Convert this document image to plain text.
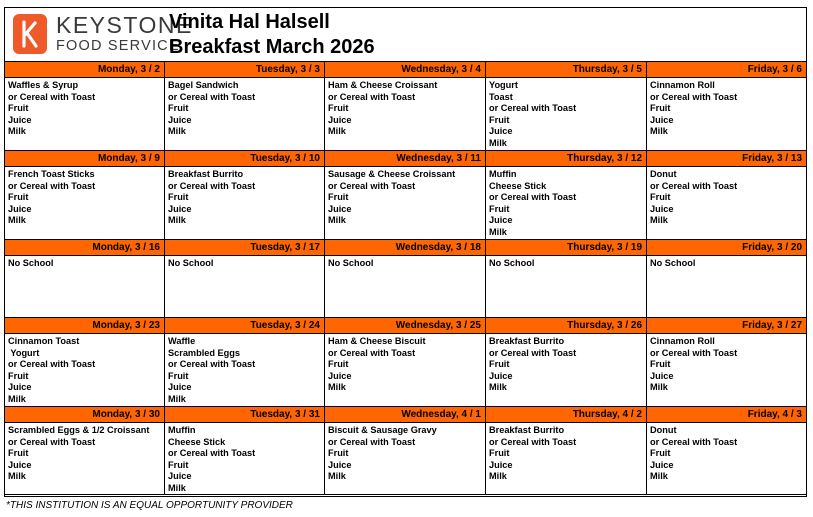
KEYSTONE
FOOD SERVICE
Vinita Hal Halsell
Breakfast March 2026
Monday, 3 / 2
Waffles & Syrup
or Cereal with Toast
Fruit
Juice
Milk
Tuesday, 3 / 3
Bagel Sandwich
or Cereal with Toast
Fruit
Juice
Milk
Wednesday, 3 / 4
Ham & Cheese Croissant
or Cereal with Toast
Fruit
Juice
Milk
Thursday, 3 / 5
Yogurt
Toast
or Cereal with Toast
Fruit
Juice
Milk
Friday, 3 / 6
Cinnamon Roll
or Cereal with Toast
Fruit
Juice
Milk
Monday, 3 / 9
French Toast Sticks
or Cereal with Toast
Fruit
Juice
Milk
Tuesday, 3 / 10
Breakfast Burrito
or Cereal with Toast
Fruit
Juice
Milk
Wednesday, 3 / 11
Sausage & Cheese Croissant
or Cereal with Toast
Fruit
Juice
Milk
Thursday, 3 / 12
Muffin
Cheese Stick
or Cereal with Toast
Fruit
Juice
Milk
Friday, 3 / 13
Donut
or Cereal with Toast
Fruit
Juice
Milk
Monday, 3 / 16
No School
Tuesday, 3 / 17
No School
Wednesday, 3 / 18
No School
Thursday, 3 / 19
No School
Friday, 3 / 20
No School
Monday, 3 / 23
Cinnamon Toast
Yogurt
or Cereal with Toast
Fruit
Juice
Milk
Tuesday, 3 / 24
Waffle
Scrambled Eggs
or Cereal with Toast
Fruit
Juice
Milk
Wednesday, 3 / 25
Ham & Cheese Biscuit
or Cereal with Toast
Fruit
Juice
Milk
Thursday, 3 / 26
Breakfast Burrito
or Cereal with Toast
Fruit
Juice
Milk
Friday, 3 / 27
Cinnamon Roll
or Cereal with Toast
Fruit
Juice
Milk
Monday, 3 / 30
Scrambled Eggs & 1/2 Croissant
or Cereal with Toast
Fruit
Juice
Milk
Tuesday, 3 / 31
Muffin
Cheese Stick
or Cereal with Toast
Fruit
Juice
Milk
Wednesday, 4 / 1
Biscuit & Sausage Gravy
or Cereal with Toast
Fruit
Juice
Milk
Thursday, 4 / 2
Breakfast Burrito
or Cereal with Toast
Fruit
Juice
Milk
Friday, 4 / 3
Donut
or Cereal with Toast
Fruit
Juice
Milk
*THIS INSTITUTION IS AN EQUAL OPPORTUNITY PROVIDER
